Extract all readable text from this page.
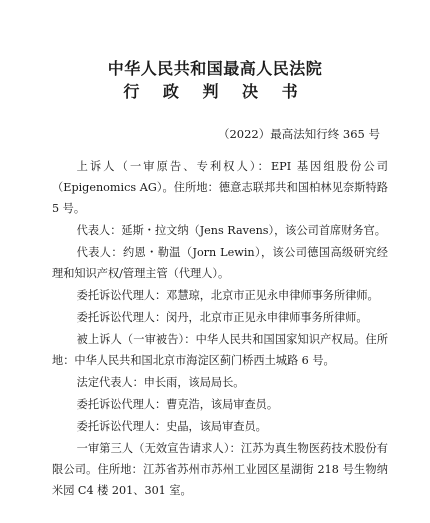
中华人民共和国最高人民法院
行 政 判 决 书
（2022）最高法知行终 365 号

上诉人（一审原告、专利权人）：EPI 基因组股份公司（Epigenomics AG）。住所地：德意志联邦共和国柏林见奈斯特路 5 号。

代表人：延斯・拉文纳（Jens Ravens），该公司首席财务官。

代表人：约恩・勒温（Jorn Lewin），该公司德国高级研究经理和知识产权/管理主管（代理人）。

委托诉讼代理人：邓慧琼，北京市正见永申律师事务所律师。

委托诉讼代理人：闵丹，北京市正见永申律师事务所律师。

被上诉人（一审被告）：中华人民共和国国家知识产权局。住所地：中华人民共和国北京市海淀区蓟门桥西土城路 6 号。

法定代表人：申长雨，该局局长。

委托诉讼代理人：曹克浩，该局审查员。

委托诉讼代理人：史晶，该局审查员。

一审第三人（无效宣告请求人）：江苏为真生物医药技术股份有限公司。住所地：江苏省苏州市苏州工业园区星湖街 218 号生物纳米园 C4 楼 201、301 室。
